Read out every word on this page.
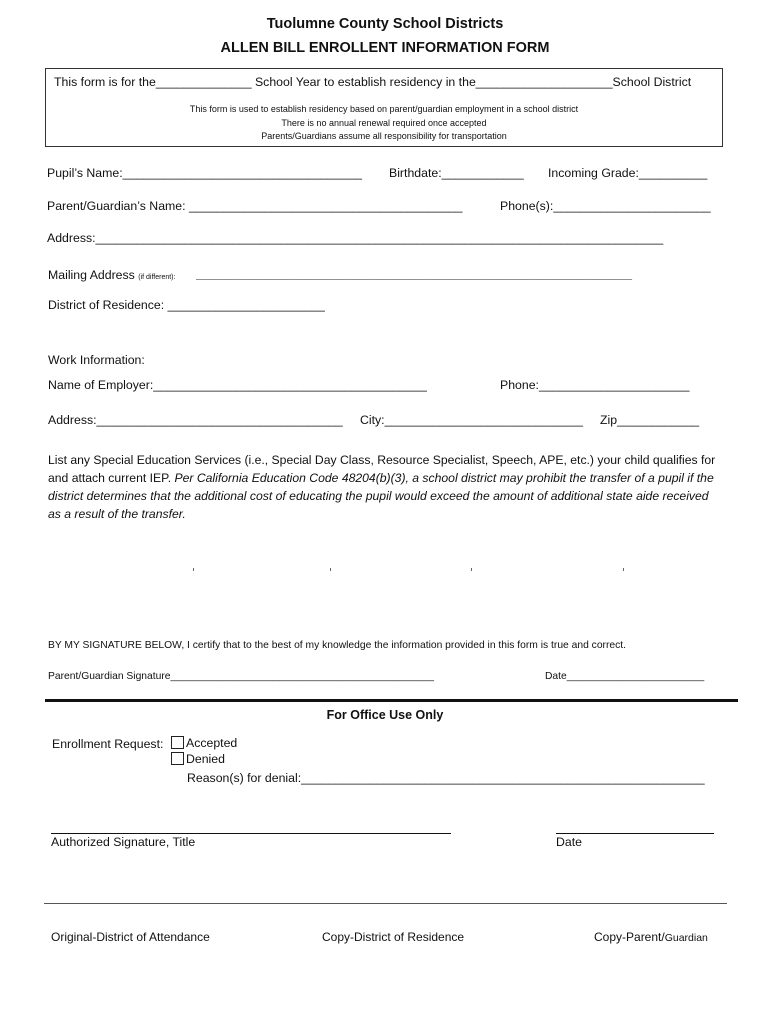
Tuolumne County School Districts
ALLEN BILL ENROLLENT INFORMATION FORM
This form is for the______________ School Year to establish residency in the____________________School District
This form is used to establish residency based on parent/guardian employment in a school district
There is no annual renewal required once accepted
Parents/Guardians assume all responsibility for transportation
Pupil’s Name:___________________________________ Birthdate:____________ Incoming Grade:__________
Parent/Guardian’s Name: ________________________________________	Phone(s):_______________________
Address:___________________________________________________________________________________
Mailing Address (if different):	________________________________________________________________________________________________________________
District of Residence: _______________________
Work Information:
Name of Employer:________________________________________	Phone:______________________
Address:____________________________________ City:_____________________________ Zip____________
List any Special Education Services (i.e., Special Day Class, Resource Specialist, Speech, APE, etc.) your child qualifies for and attach current IEP. Per California Education Code 48204(b)(3), a school district may prohibit the transfer of a pupil if the district determines that the additional cost of educating the pupil would exceed the amount of additional state aide received as a result of the transfer.
BY MY SIGNATURE BELOW, I certify that to the best of my knowledge the information provided in this form is true and correct.
Parent/Guardian Signature______________________________________________	Date________________________
For Office Use Only
Enrollment Request:	Accepted
Denied
Reason(s) for denial:___________________________________________________________
Authorized Signature, Title	Date
Original-District of Attendance	Copy-District of Residence	Copy-Parent/Guardian
